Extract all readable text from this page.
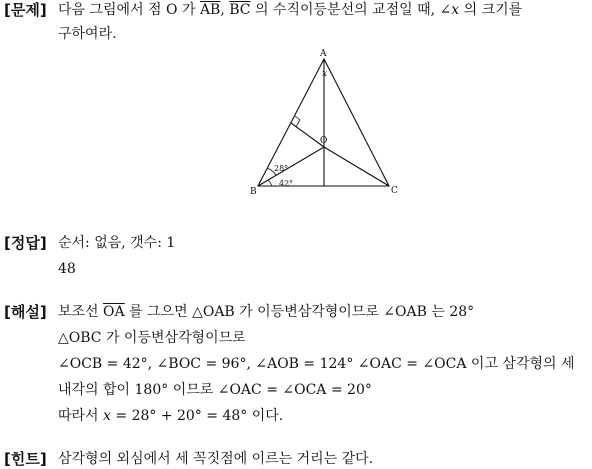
[문제] 다음 그림에서 점 O 가 $\overline{AB}$, $\overline{BC}$ 의 수직이등분선의 교점일 때, ∠x 의 크기를
구하여라.
A
x
O
28°
42°
B	C
[정답] 순서: 없음, 갯수: 1
48
[해설] 보조선 $\overline{OA}$ 를 그으면 △OAB 가 이등변삼각형이므로 ∠OAB 는 28°
△OBC 가 이등변삼각형이므로
∠OCB = 42°, ∠BOC = 96°, ∠AOB = 124° ∠OAC = ∠OCA 이고 삼각형의 세
내각의 합이 180° 이므로 ∠OAC = ∠OCA = 20°
따라서 x = 28° + 20° = 48° 이다.
[힌트] 삼각형의 외심에서 세 꼭짓점에 이르는 거리는 같다.
